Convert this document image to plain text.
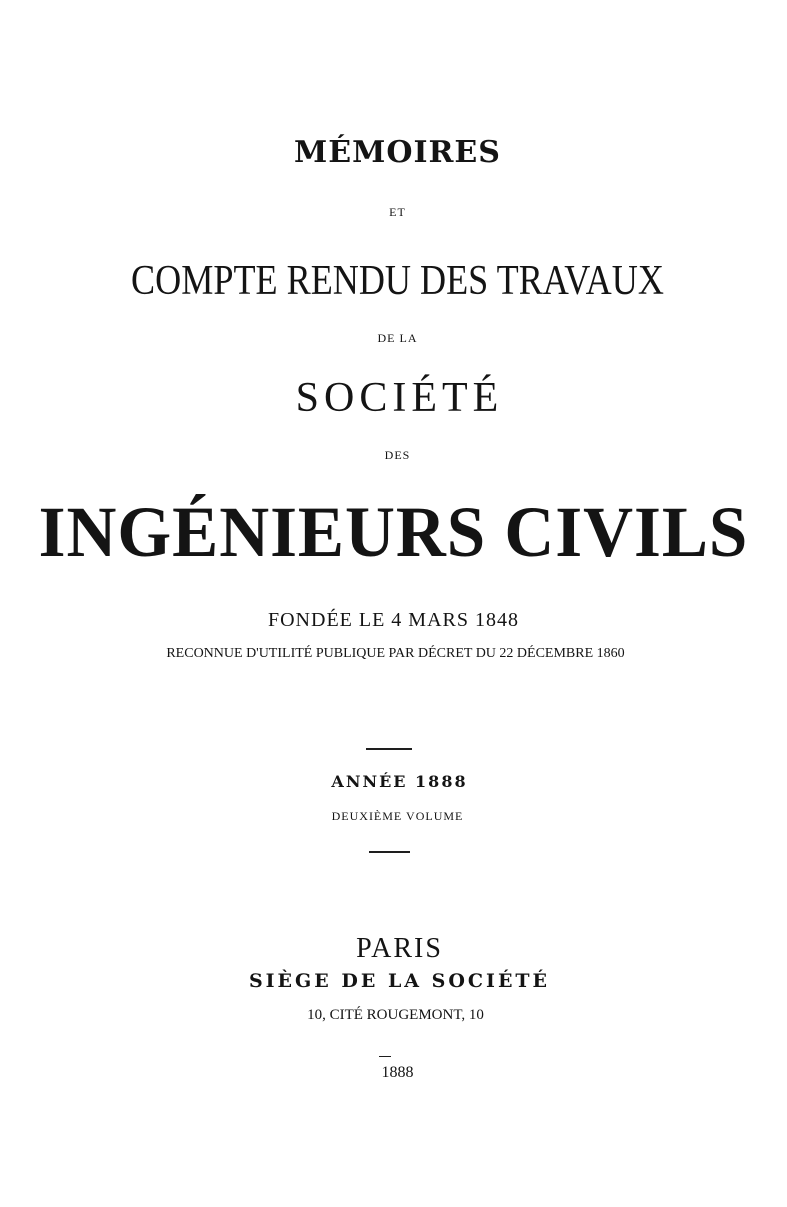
MÉMOIRES
ET
COMPTE RENDU DES TRAVAUX
DE LA
SOCIÉTÉ
DES
INGÉNIEURS CIVILS
FONDÉE LE 4 MARS 1848
RECONNUE D'UTILITÉ PUBLIQUE PAR DÉCRET DU 22 DÉCEMBRE 1860
ANNÉE 1888
DEUXIÈME VOLUME
PARIS
SIÈGE DE LA SOCIÉTÉ
10, CITÉ ROUGEMONT, 10
1888
